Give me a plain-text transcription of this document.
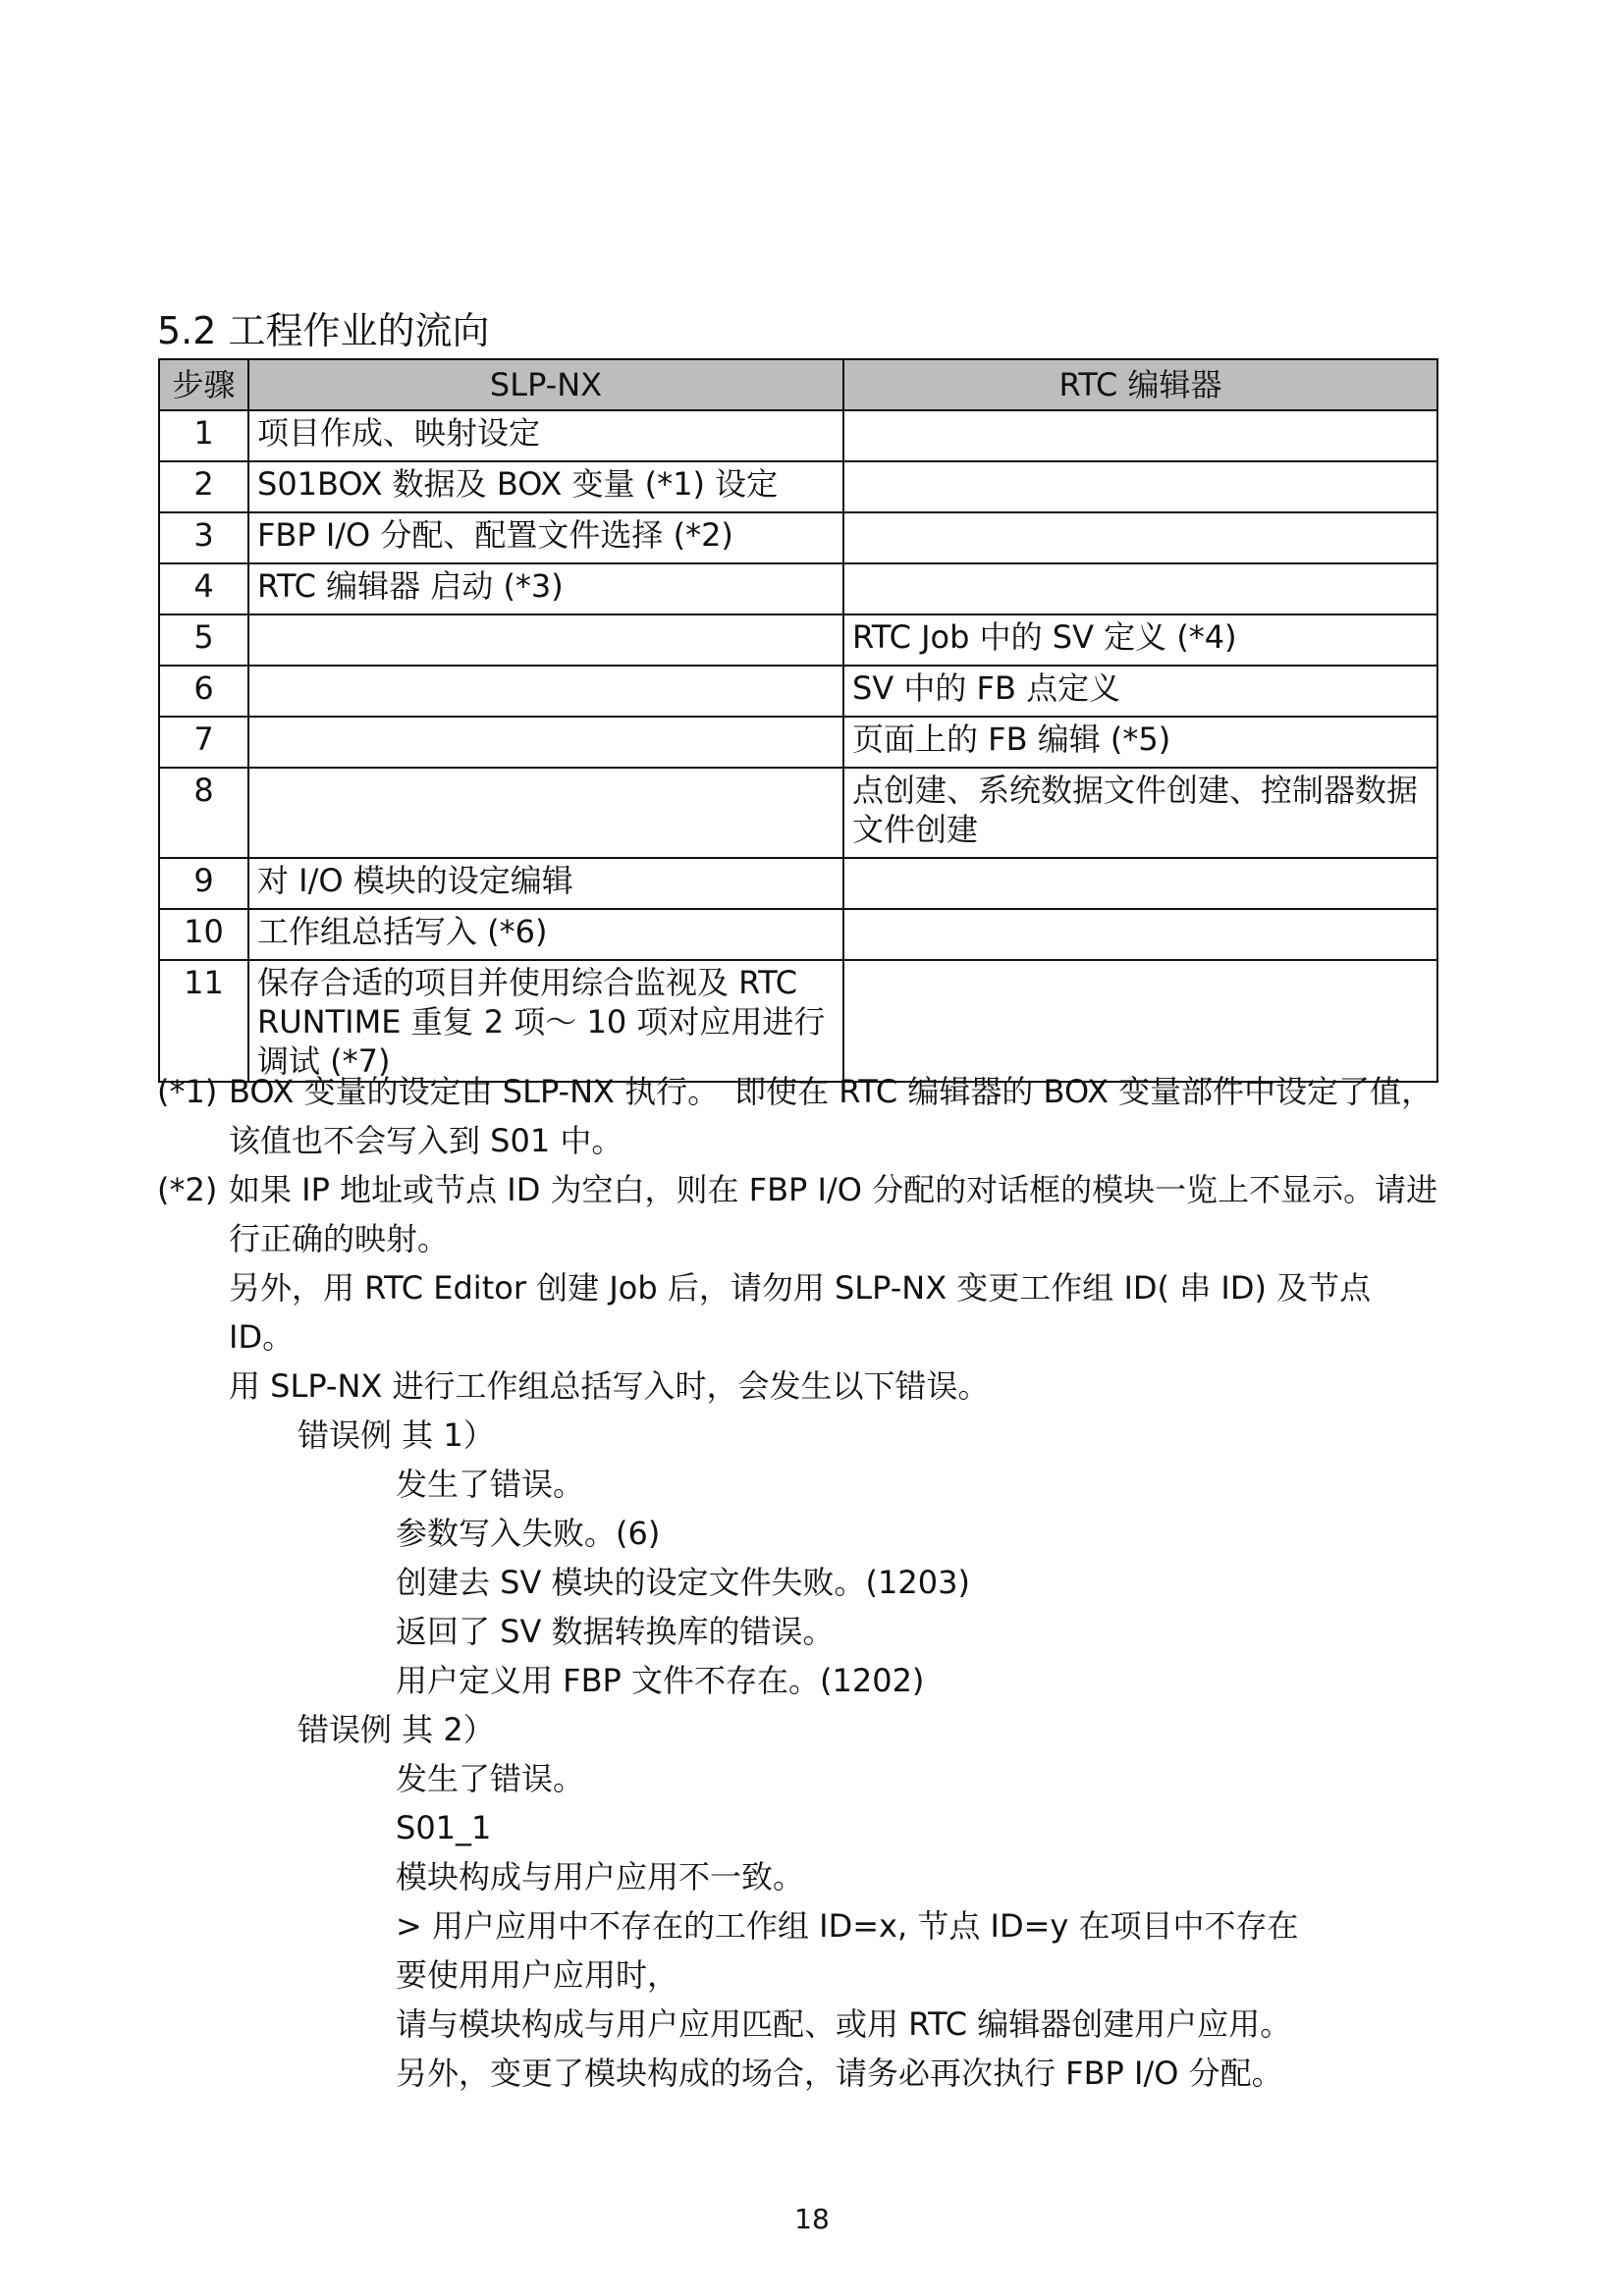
5.2 工程作业的流向
步骤	SLP-NX	RTC 编辑器
1	项目作成、映射设定	
2	S01BOX 数据及 BOX 变量 (*1) 设定	
3	FBP I/O 分配、配置文件选择 (*2)	
4	RTC 编辑器 启动 (*3)	
5		RTC Job 中的 SV 定义 (*4)
6		SV 中的 FB 点定义
7		页面上的 FB 编辑 (*5)
8		点创建、系统数据文件创建、控制器数据文件创建
9	对 I/O 模块的设定编辑	
10	工作组总括写入 (*6)	
11	保存合适的项目并使用综合监视及 RTC RUNTIME 重复 2 项～ 10 项对应用进行调试 (*7)	
(*1) BOX 变量的设定由 SLP-NX 执行。　即使在 RTC 编辑器的 BOX 变量部件中设定了值，该值也不会写入到 S01 中。

(*2) 如果 IP 地址或节点 ID 为空白，则在 FBP I/O 分配的对话框的模块一览上不显示。请进行正确的映射。

另外，用 RTC Editor 创建 Job 后，请勿用 SLP-NX 变更工作组 ID( 串 ID) 及节点 ID。

用 SLP-NX 进行工作组总括写入时，会发生以下错误。

错误例 其 1）

发生了错误。

参数写入失败。(6)

创建去 SV 模块的设定文件失败。(1203)

返回了 SV 数据转换库的错误。

用户定义用 FBP 文件不存在。(1202)

错误例 其 2）

发生了错误。

S01_1

模块构成与用户应用不一致。

> 用户应用中不存在的工作组 ID=x, 节点 ID=y 在项目中不存在

要使用用户应用时，

请与模块构成与用户应用匹配、或用 RTC 编辑器创建用户应用。

另外，变更了模块构成的场合，请务必再次执行 FBP I/O 分配。

18
